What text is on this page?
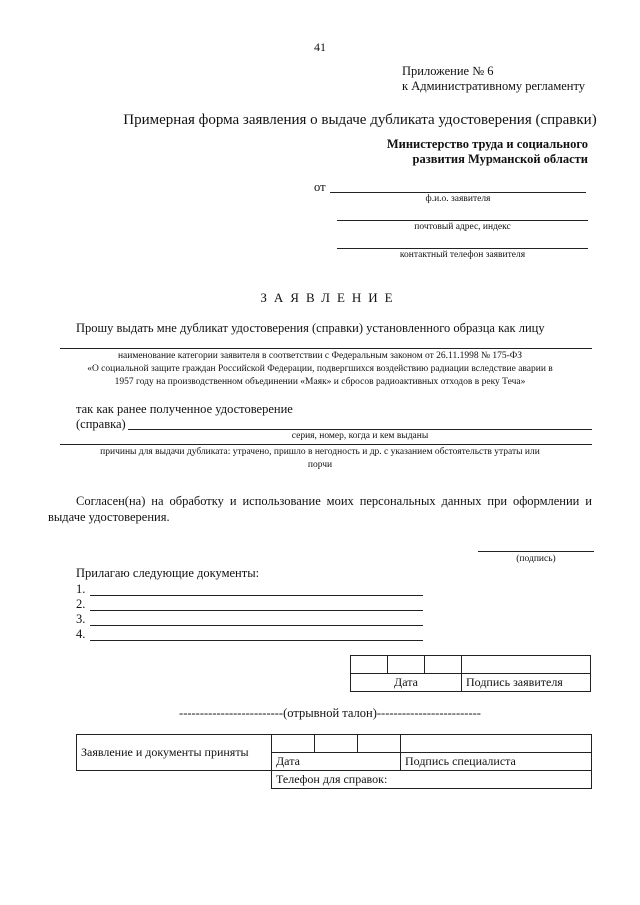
41
Приложение № 6
к Административному регламенту
Примерная форма заявления о выдаче дубликата удостоверения (справки)
Министерство труда и социального
развития Мурманской области
от
ф.и.о. заявителя
почтовый адрес, индекс
контактный телефон заявителя
ЗАЯВЛЕНИЕ
Прошу выдать мне дубликат удостоверения (справки) установленного образца как лицу
наименование категории заявителя в соответствии с Федеральным законом от 26.11.1998 № 175-ФЗ
«О социальной защите граждан Российской Федерации, подвергшихся воздействию радиации вследствие аварии в
1957 году на производственном объединении «Маяк» и сбросов радиоактивных отходов в реку Теча»
так как ранее полученное удостоверение
(справка)
серия, номер, когда и кем выданы
причины для выдачи дубликата: утрачено, пришло в негодность и др. с указанием обстоятельств утраты или
порчи
Согласен(на) на обработку и использование моих персональных данных при оформлении и
выдаче удостоверения.
(подпись)
Прилагаю следующие документы:
1.
2.
3.
4.

Дата			Подпись заявителя
-------------------------(отрывной талон)-------------------------
Заявление и документы приняты				
	Дата			Подпись специалиста
	Телефон для справок:			
